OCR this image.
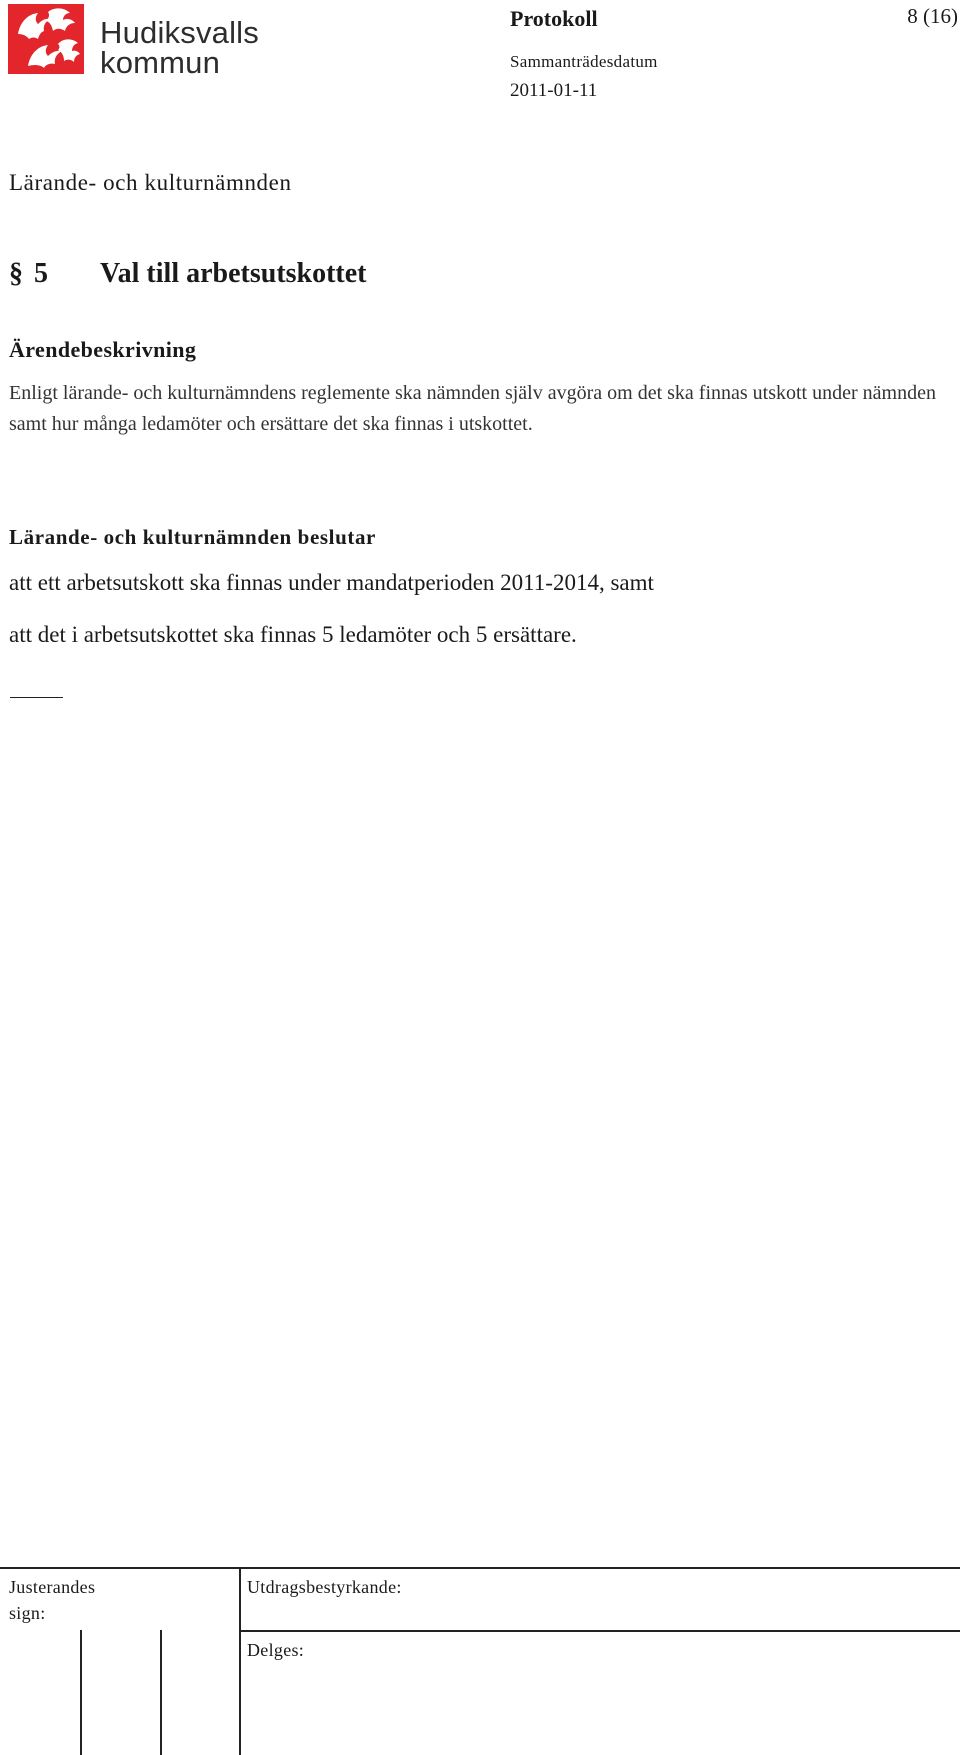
Hudiksvalls
kommun
Protokoll	8 (16)
Sammanträdesdatum
2011-01-11
Lärande- och kulturnämnden
§ 5 Val till arbetsutskottet
Ärendebeskrivning
Enligt lärande- och kulturnämndens reglemente ska nämnden själv avgöra om det ska finnas utskott under nämnden samt hur många ledamöter och ersättare det ska finnas i utskottet.
Lärande- och kulturnämnden beslutar
att ett arbetsutskott ska finnas under mandatperioden 2011-2014, samt
att det i arbetsutskottet ska finnas 5 ledamöter och 5 ersättare.
Justerandes
sign:
Utdragsbestyrkande:
Delges:
